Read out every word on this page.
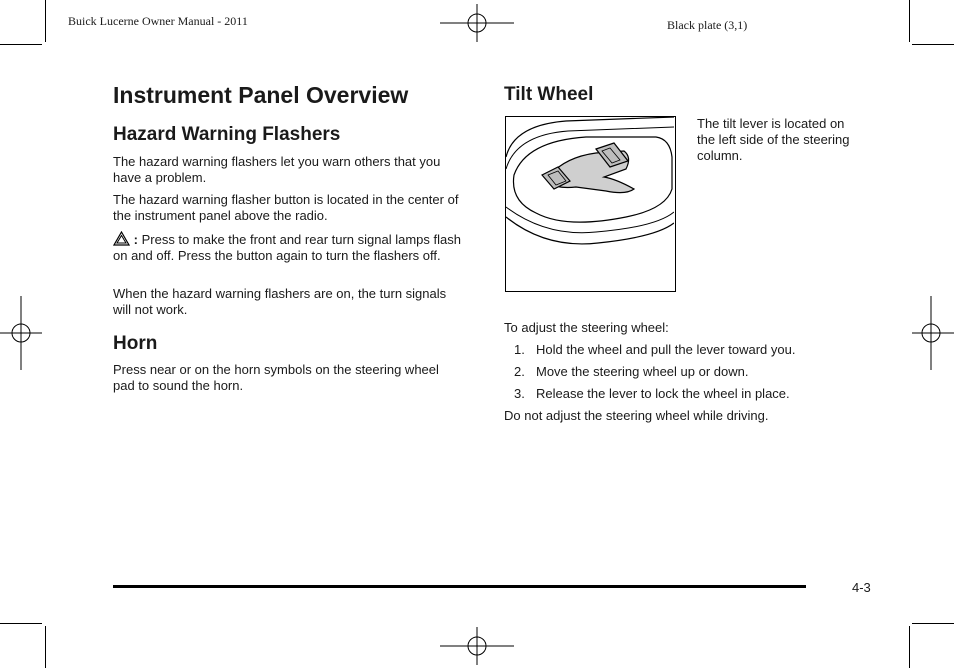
Buick Lucerne Owner Manual - 2011	Black plate (3,1)
Instrument Panel Overview
Hazard Warning Flashers

The hazard warning flashers let you warn others that you have a problem.

The hazard warning flasher button is located in the center of the instrument panel above the radio.

: Press to make the front and rear turn signal lamps flash on and off. Press the button again to turn the flashers off.

When the hazard warning flashers are on, the turn signals will not work.

Horn

Press near or on the horn symbols on the steering wheel pad to sound the horn.

Tilt Wheel

The tilt lever is located on the left side of the steering column.

To adjust the steering wheel:

1. Hold the wheel and pull the lever toward you.
2. Move the steering wheel up or down.
3. Release the lever to lock the wheel in place.

Do not adjust the steering wheel while driving.

4-3
